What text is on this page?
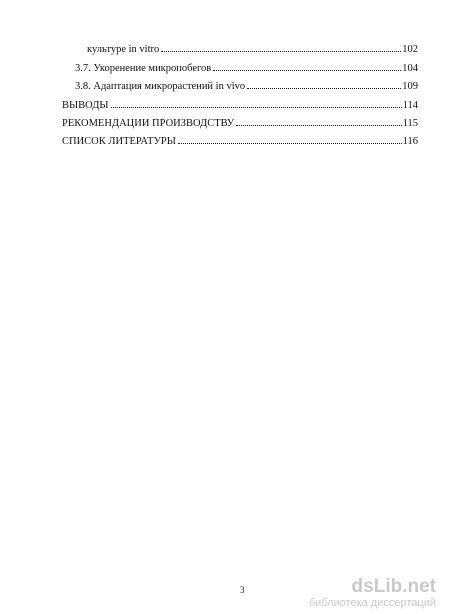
культуре in vitro	102
3.7. Укоренение микропобегов	104
3.8. Адаптация микрорастений in vivo	109
ВЫВОДЫ	114
РЕКОМЕНДАЦИИ ПРОИЗВОДСТВУ	115
СПИСОК ЛИТЕРАТУРЫ	116
3	dsLib.net
библиотека диссертаций
